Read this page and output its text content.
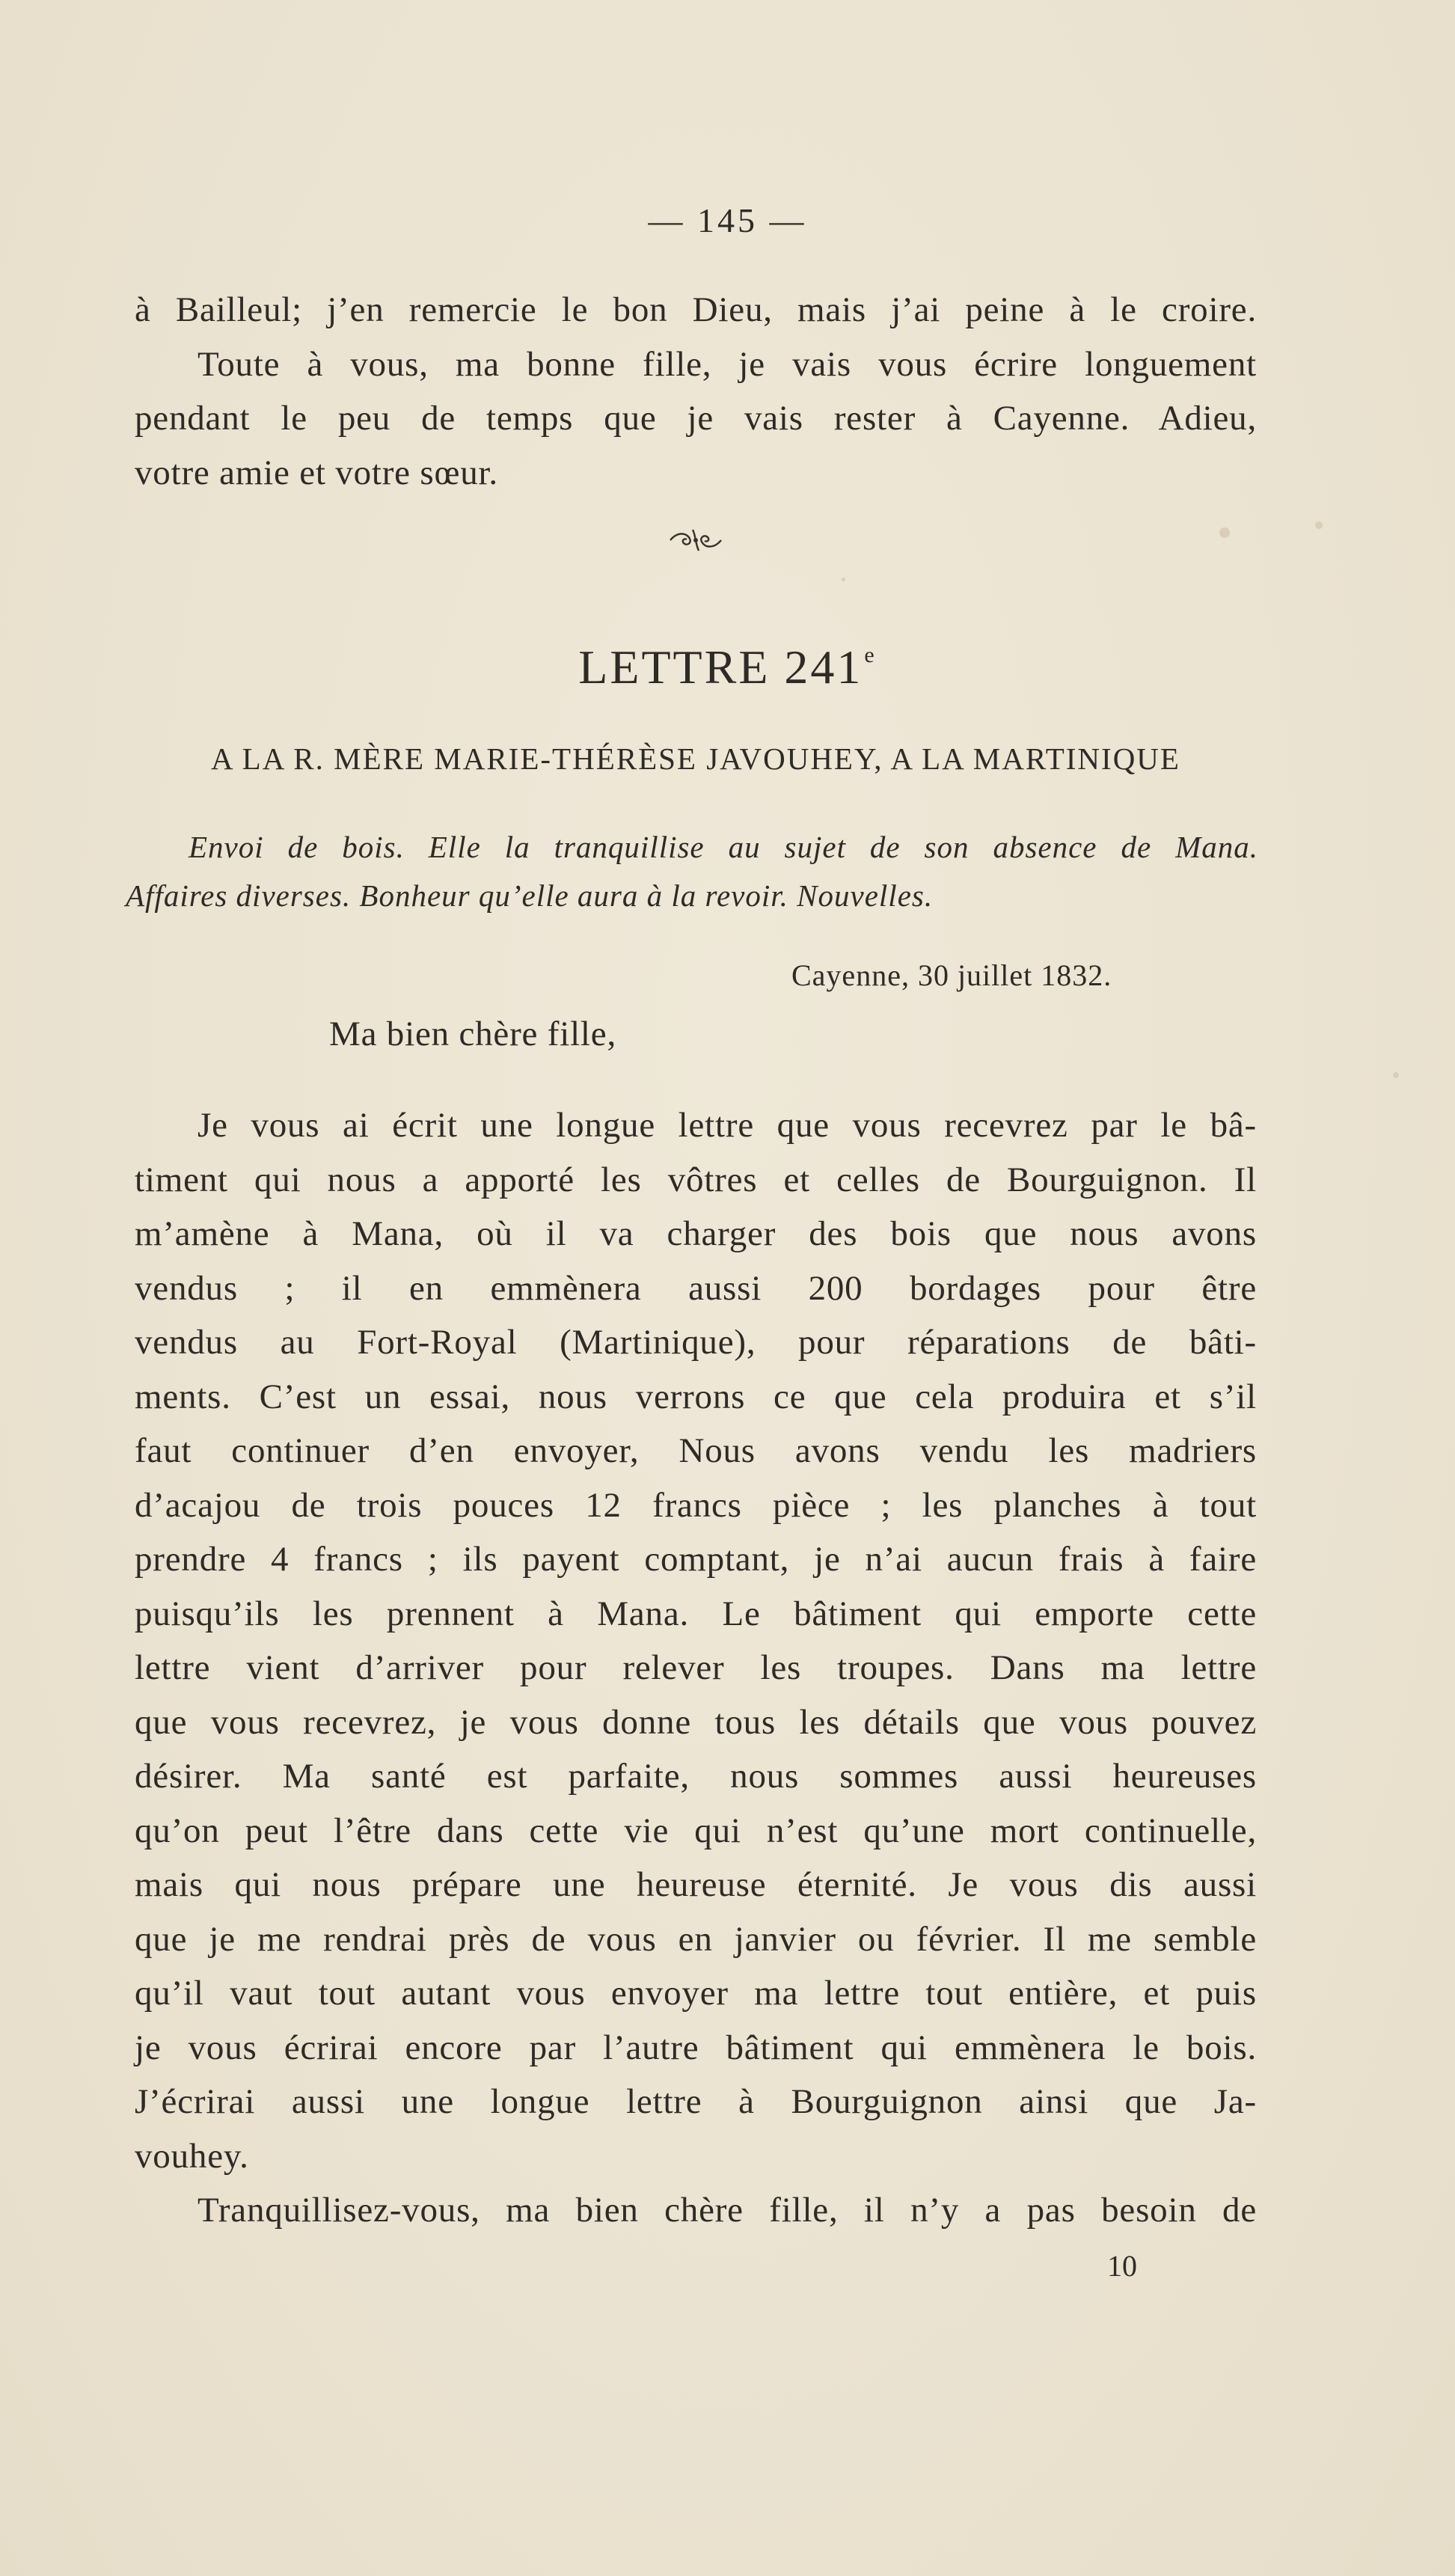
— 145 —
à Bailleul; j’en remercie le bon Dieu, mais j’ai peine à le croire.
Toute à vous, ma bonne fille, je vais vous écrire longuement
pendant le peu de temps que je vais rester à Cayenne. Adieu,
votre amie et votre sœur.
LETTRE 241e
A LA R. MÈRE MARIE-THÉRÈSE JAVOUHEY, A LA MARTINIQUE

Envoi de bois. Elle la tranquillise au sujet de son absence de Mana.

Affaires diverses. Bonheur qu’elle aura à la revoir. Nouvelles.

Cayenne, 30 juillet 1832.
Ma bien chère fille,
Je vous ai écrit une longue lettre que vous recevrez par le bâ-
timent qui nous a apporté les vôtres et celles de Bourguignon. Il
m’amène à Mana, où il va charger des bois que nous avons
vendus ; il en emmènera aussi 200 bordages pour être
vendus au Fort-Royal (Martinique), pour réparations de bâti-
ments. C’est un essai, nous verrons ce que cela produira et s’il
faut continuer d’en envoyer, Nous avons vendu les madriers
d’acajou de trois pouces 12 francs pièce ; les planches à tout
prendre 4 francs ; ils payent comptant, je n’ai aucun frais à faire
puisqu’ils les prennent à Mana. Le bâtiment qui emporte cette
lettre vient d’arriver pour relever les troupes. Dans ma lettre
que vous recevrez, je vous donne tous les détails que vous pouvez
désirer. Ma santé est parfaite, nous sommes aussi heureuses
qu’on peut l’être dans cette vie qui n’est qu’une mort continuelle,
mais qui nous prépare une heureuse éternité. Je vous dis aussi
que je me rendrai près de vous en janvier ou février. Il me semble
qu’il vaut tout autant vous envoyer ma lettre tout entière, et puis
je vous écrirai encore par l’autre bâtiment qui emmènera le bois.
J’écrirai aussi une longue lettre à Bourguignon ainsi que Ja-
vouhey.
Tranquillisez-vous, ma bien chère fille, il n’y a pas besoin de
10
